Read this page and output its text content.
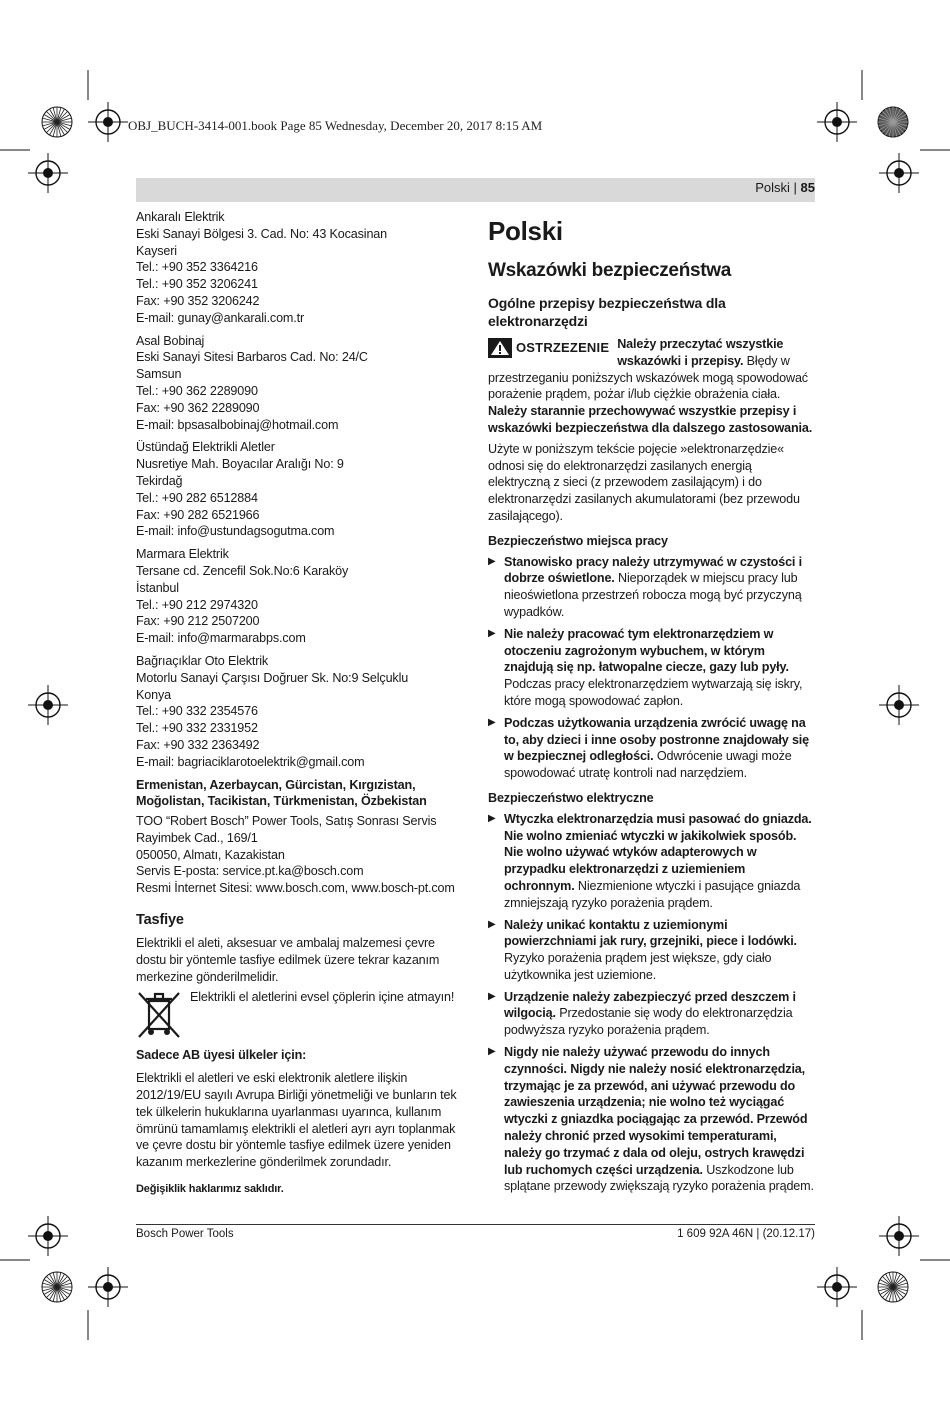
OBJ_BUCH-3414-001.book Page 85 Wednesday, December 20, 2017 8:15 AM
Polski | 85
Ankaralı Elektrik
Eski Sanayi Bölgesi 3. Cad. No: 43 Kocasinan
Kayseri
Tel.: +90 352 3364216
Tel.: +90 352 3206241
Fax: +90 352 3206242
E-mail: gunay@ankarali.com.tr
Asal Bobinaj
Eski Sanayi Sitesi Barbaros Cad. No: 24/C
Samsun
Tel.: +90 362 2289090
Fax: +90 362 2289090
E-mail: bpsasalbobinaj@hotmail.com
Üstündağ Elektrikli Aletler
Nusretiye Mah. Boyacılar Aralığı No: 9
Tekirdağ
Tel.: +90 282 6512884
Fax: +90 282 6521966
E-mail: info@ustundagsogutma.com
Marmara Elektrik
Tersane cd. Zencefil Sok.No:6 Karaköy
İstanbul
Tel.: +90 212 2974320
Fax: +90 212 2507200
E-mail: info@marmarabps.com
Bağrıaçıklar Oto Elektrik
Motorlu Sanayi Çarşısı Doğruer Sk. No:9 Selçuklu
Konya
Tel.: +90 332 2354576
Tel.: +90 332 2331952
Fax: +90 332 2363492
E-mail: bagriaciklarotoelektrik@gmail.com
Ermenistan, Azerbaycan, Gürcistan, Kırgızistan, Moğolistan, Tacikistan, Türkmenistan, Özbekistan
TOO “Robert Bosch” Power Tools, Satış Sonrası Servis
Rayimbek Cad., 169/1
050050, Almatı, Kazakistan
Servis E-posta: service.pt.ka@bosch.com
Resmi İnternet Sitesi: www.bosch.com, www.bosch-pt.com
Tasfiye
Elektrikli el aleti, aksesuar ve ambalaj malzemesi çevre dostu bir yöntemle tasfiye edilmek üzere tekrar kazanım merkezine gönderilmelidir.
Elektrikli el aletlerini evsel çöplerin içine atmayın!
Sadece AB üyesi ülkeler için:
Elektrikli el aletleri ve eski elektronik aletlere ilişkin 2012/19/EU sayılı Avrupa Birliği yönetmeliği ve bunların tek tek ülkelerin hukuklarına uyarlanması uyarınca, kullanım ömrünü tamamlamış elektrikli el aletleri ayrı ayrı toplanmak ve çevre dostu bir yöntemle tasfiye edilmek üzere yeniden kazanım merkezlerine gönderilmek zorundadır.
Değişiklik haklarımız saklıdır.
Polski
Wskazówki bezpieczeństwa
Ogólne przepisy bezpieczeństwa dla elektronarzędzi
OSTRZEZENIE Należy przeczytać wszystkie wskazówki i przepisy. Błędy w przestrzeganiu poniższych wskazówek mogą spowodować porażenie prądem, pożar i/lub ciężkie obrażenia ciała.
Należy starannie przechowywać wszystkie przepisy i wskazówki bezpieczeństwa dla dalszego zastosowania.
Użyte w poniższym tekście pojęcie »elektronarzędzie« odnosi się do elektronarzędzi zasilanych energią elektryczną z sieci (z przewodem zasilającym) i do elektronarzędzi zasilanych akumulatorami (bez przewodu zasilającego).
Bezpieczeństwo miejsca pracy
▶ Stanowisko pracy należy utrzymywać w czystości i dobrze oświetlone. Nieporządek w miejscu pracy lub nieoświetlona przestrzeń robocza mogą być przyczyną wypadków.
▶ Nie należy pracować tym elektronarzędziem w otoczeniu zagrożonym wybuchem, w którym znajdują się np. łatwopalne ciecze, gazy lub pyły. Podczas pracy elektronarzędziem wytwarzają się iskry, które mogą spowodować zapłon.
▶ Podczas użytkowania urządzenia zwrócić uwagę na to, aby dzieci i inne osoby postronne znajdowały się w bezpiecznej odległości. Odwrócenie uwagi może spowodować utratę kontroli nad narzędziem.
Bezpieczeństwo elektryczne
▶ Wtyczka elektronarzędzia musi pasować do gniazda. Nie wolno zmieniać wtyczki w jakikolwiek sposób. Nie wolno używać wtyków adapterowych w przypadku elektronarzędzi z uziemieniem ochronnym. Niezmienione wtyczki i pasujące gniazda zmniejszają ryzyko porażenia prądem.
▶ Należy unikać kontaktu z uziemionymi powierzchniami jak rury, grzejniki, piece i lodówki. Ryzyko porażenia prądem jest większe, gdy ciało użytkownika jest uziemione.
▶ Urządzenie należy zabezpieczyć przed deszczem i wilgocią. Przedostanie się wody do elektronarzędzia podwyższa ryzyko porażenia prądem.
▶ Nigdy nie należy używać przewodu do innych czynności. Nigdy nie należy nosić elektronarzędzia, trzymając je za przewód, ani używać przewodu do zawieszenia urządzenia; nie wolno też wyciągać wtyczki z gniazdka pociągając za przewód. Przewód należy chronić przed wysokimi temperaturami, należy go trzymać z dala od oleju, ostrych krawędzi lub ruchomych części urządzenia. Uszkodzone lub splątane przewody zwiększają ryzyko porażenia prądem.
Bosch Power Tools	1 609 92A 46N | (20.12.17)
